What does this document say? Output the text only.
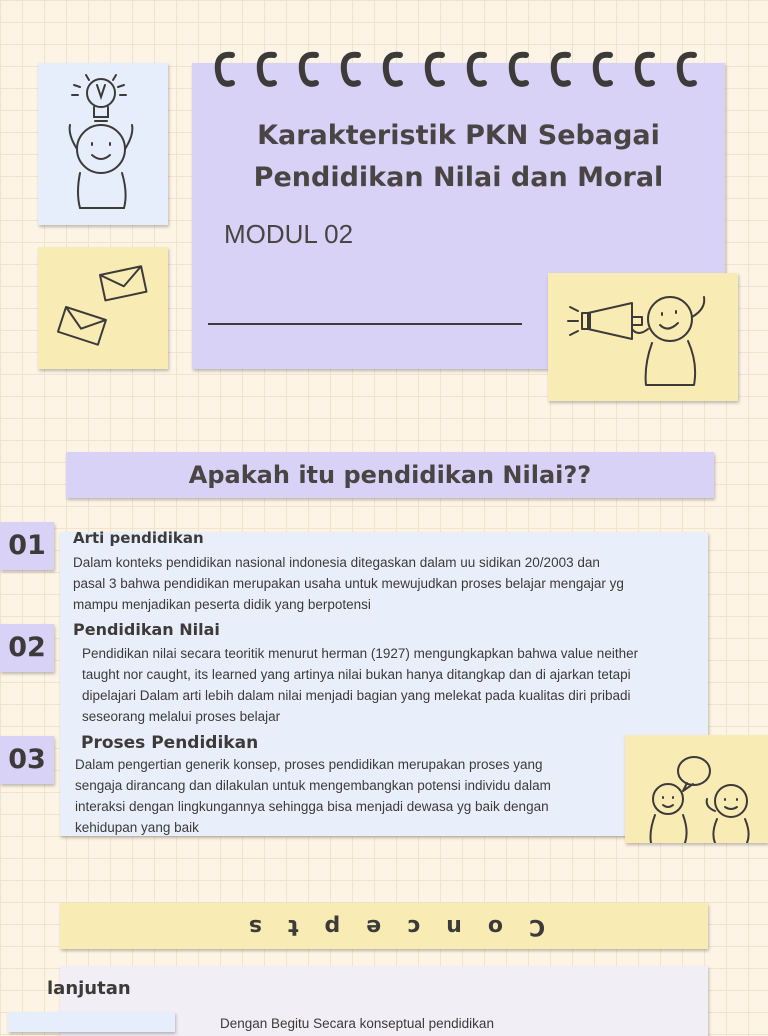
Karakteristik PKN Sebagai
Pendidikan Nilai dan Moral
MODUL 02
Apakah itu pendidikan Nilai??
01
02
03
Arti pendidikan
Dalam konteks pendidikan nasional indonesia ditegaskan dalam uu sidikan 20/2003 dan
pasal 3 bahwa pendidikan merupakan usaha untuk mewujudkan proses belajar mengajar yg
mampu menjadikan peserta didik yang berpotensi
Pendidikan Nilai
Pendidikan nilai secara teoritik menurut herman (1927) mengungkapkan bahwa value neither
taught nor caught, its learned yang artinya nilai bukan hanya ditangkap dan di ajarkan tetapi
dipelajari Dalam arti lebih dalam nilai menjadi bagian yang melekat pada kualitas diri pribadi
seseorang melalui proses belajar
Proses Pendidikan
Dalam pengertian generik konsep, proses pendidikan merupakan proses yang
sengaja dirancang dan dilakulan untuk mengembangkan potensi individu dalam
interaksi dengan lingkungannya sehingga bisa menjadi dewasa yg baik dengan
kehidupan yang baik
Concepts
lanjutan
Dengan Begitu Secara konseptual pendidikan
